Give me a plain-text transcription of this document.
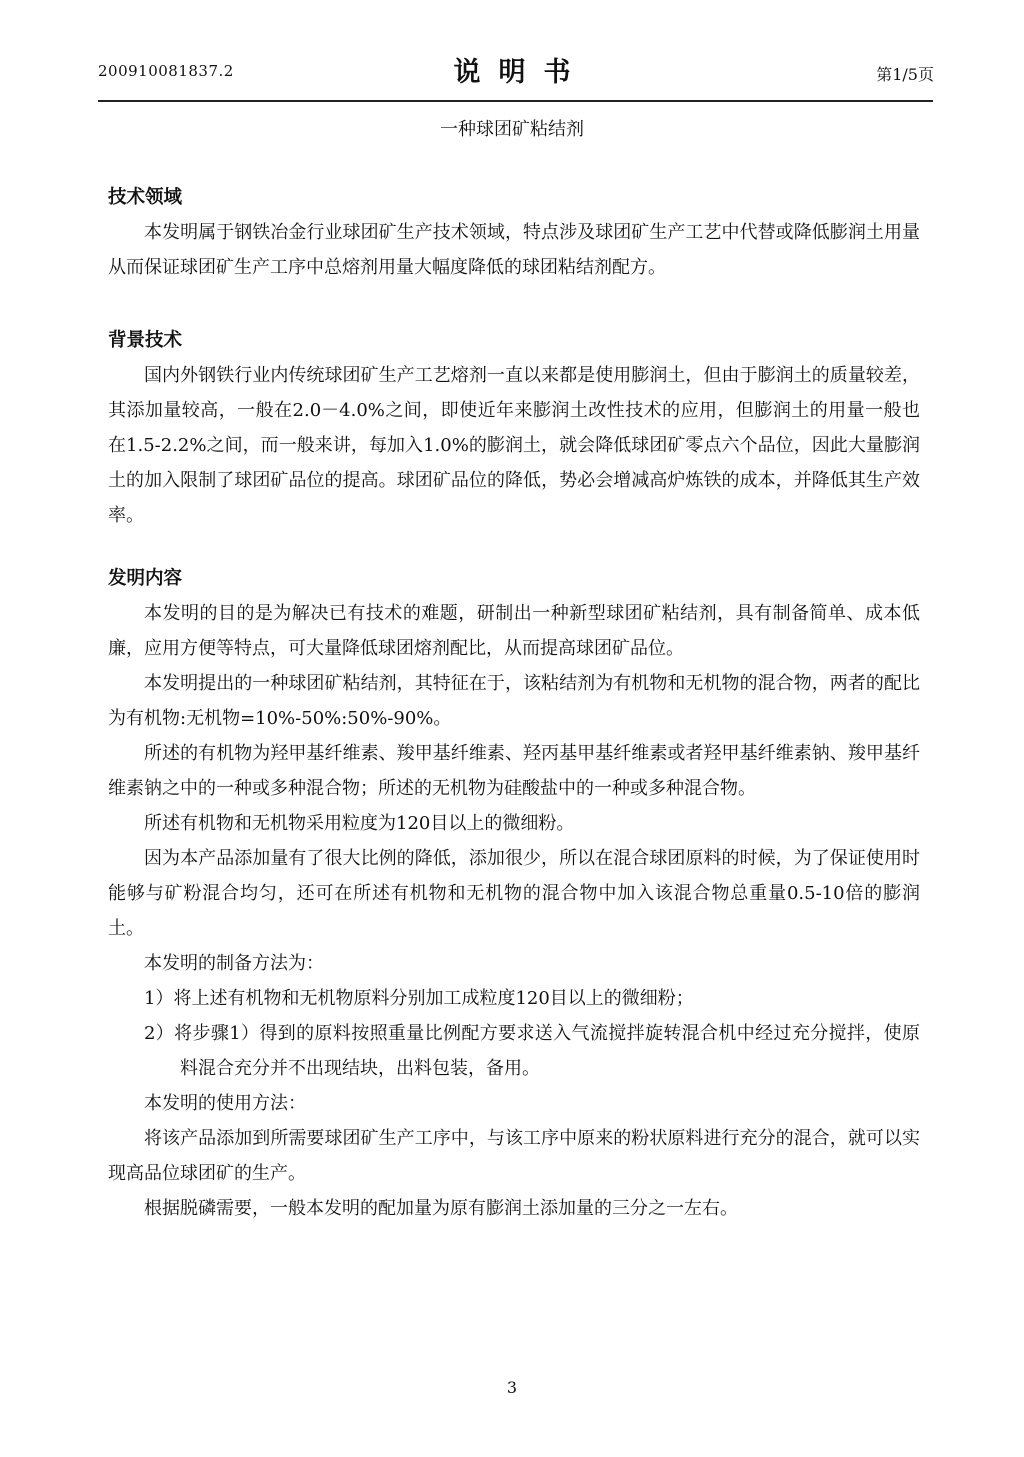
200910081837.2	说明书	第1/5页
一种球团矿粘结剂

技术领域

本发明属于钢铁冶金行业球团矿生产技术领域，特点涉及球团矿生产工艺中代替或降低膨润土用量从而保证球团矿生产工序中总熔剂用量大幅度降低的球团粘结剂配方。

背景技术

国内外钢铁行业内传统球团矿生产工艺熔剂一直以来都是使用膨润土，但由于膨润土的质量较差，其添加量较高，一般在2.0－4.0%之间，即使近年来膨润土改性技术的应用，但膨润土的用量一般也在1.5-2.2%之间，而一般来讲，每加入1.0%的膨润土，就会降低球团矿零点六个品位，因此大量膨润土的加入限制了球团矿品位的提高。球团矿品位的降低，势必会增减高炉炼铁的成本，并降低其生产效率。

发明内容

本发明的目的是为解决已有技术的难题，研制出一种新型球团矿粘结剂，具有制备简单、成本低廉，应用方便等特点，可大量降低球团熔剂配比，从而提高球团矿品位。

本发明提出的一种球团矿粘结剂，其特征在于，该粘结剂为有机物和无机物的混合物，两者的配比为有机物:无机物=10%-50%:50%-90%。

所述的有机物为羟甲基纤维素、羧甲基纤维素、羟丙基甲基纤维素或者羟甲基纤维素钠、羧甲基纤维素钠之中的一种或多种混合物；所述的无机物为硅酸盐中的一种或多种混合物。

所述有机物和无机物采用粒度为120目以上的微细粉。

因为本产品添加量有了很大比例的降低，添加很少，所以在混合球团原料的时候，为了保证使用时能够与矿粉混合均匀，还可在所述有机物和无机物的混合物中加入该混合物总重量0.5-10倍的膨润土。

本发明的制备方法为：

1）将上述有机物和无机物原料分别加工成粒度120目以上的微细粉；

2）将步骤1）得到的原料按照重量比例配方要求送入气流搅拌旋转混合机中经过充分搅拌，使原料混合充分并不出现结块，出料包装，备用。

本发明的使用方法：

将该产品添加到所需要球团矿生产工序中，与该工序中原来的粉状原料进行充分的混合，就可以实现高品位球团矿的生产。

根据脱磷需要，一般本发明的配加量为原有膨润土添加量的三分之一左右。

3
